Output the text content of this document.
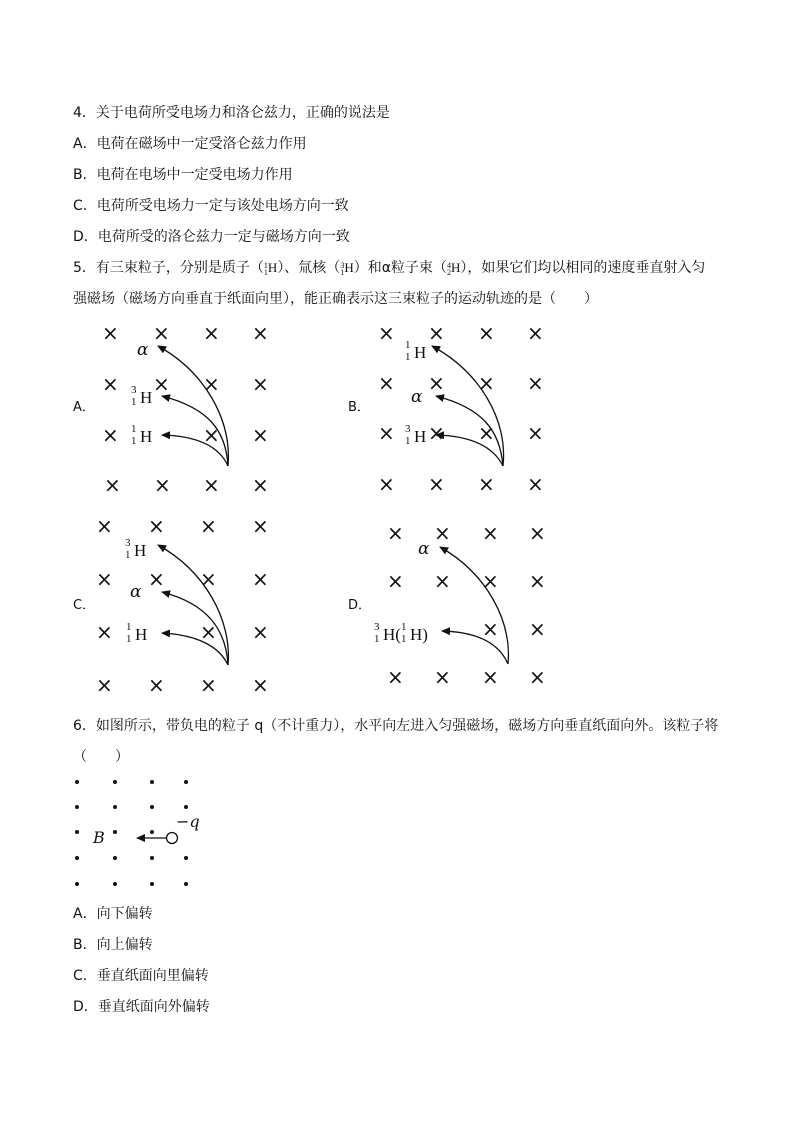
4．关于电荷所受电场力和洛仑兹力，正确的说法是
A．电荷在磁场中一定受洛仑兹力作用
B．电荷在电场中一定受电场力作用
C．电荷所受电场力一定与该处电场方向一致
D．电荷所受的洛仑兹力一定与磁场方向一致
5．有三束粒子，分别是质子（1
1H）、氚核（3
1H）和α粒子束（4
2H），如果它们均以相同的速度垂直射入匀
强磁场（磁场方向垂直于纸面向里），能正确表示这三束粒子的运动轨迹的是（　　）
× × × ×
× × × ×
×	× ×
× × × ×
× × × ×
× × × ×
× × × ×
× × × ×
× × × ×
× × × ×
×	× ×
× × × ×
× × × ×
× × × ×
× ×
× × × ×
A．	B．
C．	D．
α
3
1 H
1
1 H
1
1 H
α
3
1 H
3
1 H
α
1
1 H
α
3
1 H( 1
1 H)
6．如图所示，带负电的粒子 q（不计重力），水平向左进入匀强磁场，磁场方向垂直纸面向外。该粒子将
（　　）
B
−q
A．向下偏转
B．向上偏转
C．垂直纸面向里偏转
D．垂直纸面向外偏转
